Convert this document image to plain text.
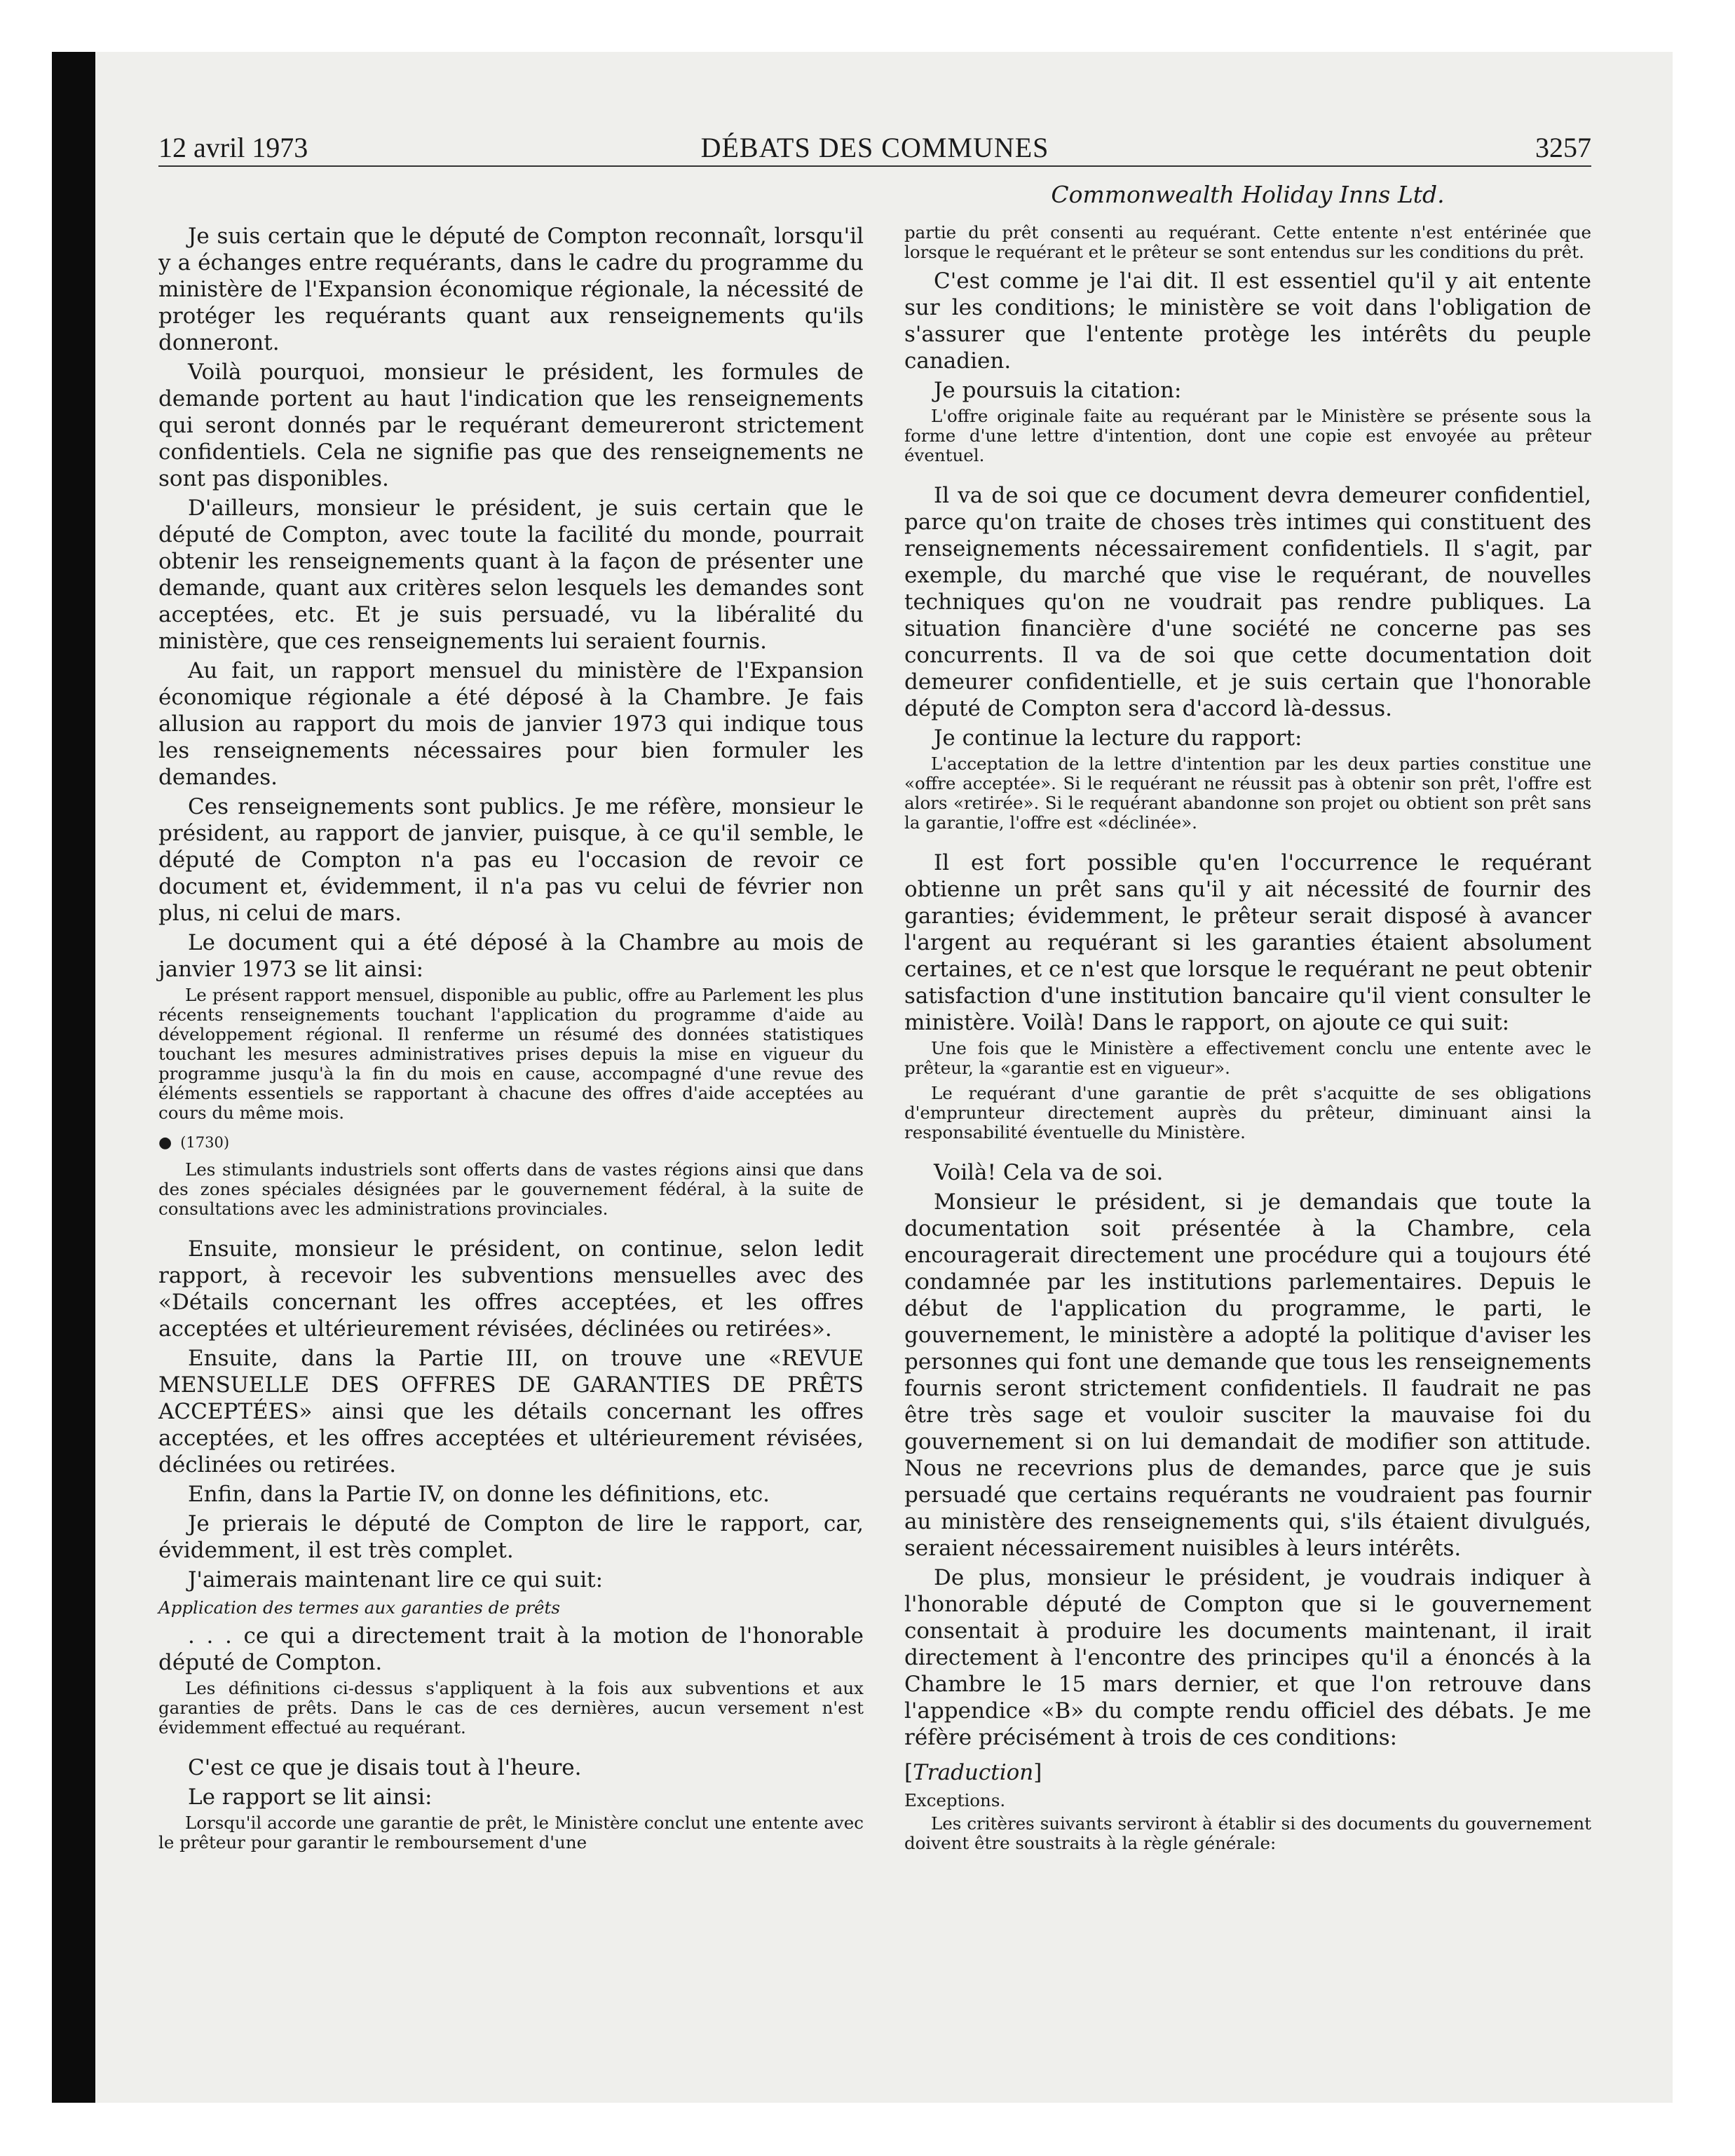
12 avril 1973	DÉBATS DES COMMUNES	3257
Commonwealth Holiday Inns Ltd.

Je suis certain que le député de Compton reconnaît, lorsqu'il y a échanges entre requérants, dans le cadre du programme du ministère de l'Expansion économique régionale, la nécessité de protéger les requérants quant aux renseignements qu'ils donneront.

Voilà pourquoi, monsieur le président, les formules de demande portent au haut l'indication que les renseignements qui seront donnés par le requérant demeureront strictement confidentiels. Cela ne signifie pas que des renseignements ne sont pas disponibles.

D'ailleurs, monsieur le président, je suis certain que le député de Compton, avec toute la facilité du monde, pourrait obtenir les renseignements quant à la façon de présenter une demande, quant aux critères selon lesquels les demandes sont acceptées, etc. Et je suis persuadé, vu la libéralité du ministère, que ces renseignements lui seraient fournis.

Au fait, un rapport mensuel du ministère de l'Expansion économique régionale a été déposé à la Chambre. Je fais allusion au rapport du mois de janvier 1973 qui indique tous les renseignements nécessaires pour bien formuler les demandes.

Ces renseignements sont publics. Je me réfère, monsieur le président, au rapport de janvier, puisque, à ce qu'il semble, le député de Compton n'a pas eu l'occasion de revoir ce document et, évidemment, il n'a pas vu celui de février non plus, ni celui de mars.

Le document qui a été déposé à la Chambre au mois de janvier 1973 se lit ainsi:

Le présent rapport mensuel, disponible au public, offre au Parlement les plus récents renseignements touchant l'application du programme d'aide au développement régional. Il renferme un résumé des données statistiques touchant les mesures administratives prises depuis la mise en vigueur du programme jusqu'à la fin du mois en cause, accompagné d'une revue des éléments essentiels se rapportant à chacune des offres d'aide acceptées au cours du même mois.

● (1730)

Les stimulants industriels sont offerts dans de vastes régions ainsi que dans des zones spéciales désignées par le gouvernement fédéral, à la suite de consultations avec les administrations provinciales.

Ensuite, monsieur le président, on continue, selon ledit rapport, à recevoir les subventions mensuelles avec des «Détails concernant les offres acceptées, et les offres acceptées et ultérieurement révisées, déclinées ou retirées».

Ensuite, dans la Partie III, on trouve une «REVUE MENSUELLE DES OFFRES DE GARANTIES DE PRÊTS ACCEPTÉES» ainsi que les détails concernant les offres acceptées, et les offres acceptées et ultérieurement révisées, déclinées ou retirées.

Enfin, dans la Partie IV, on donne les définitions, etc.

Je prierais le député de Compton de lire le rapport, car, évidemment, il est très complet.

J'aimerais maintenant lire ce qui suit:

Application des termes aux garanties de prêts

. . . ce qui a directement trait à la motion de l'honorable député de Compton.

Les définitions ci-dessus s'appliquent à la fois aux subventions et aux garanties de prêts. Dans le cas de ces dernières, aucun versement n'est évidemment effectué au requérant.

C'est ce que je disais tout à l'heure.

Le rapport se lit ainsi:

Lorsqu'il accorde une garantie de prêt, le Ministère conclut une entente avec le prêteur pour garantir le remboursement d'une

partie du prêt consenti au requérant. Cette entente n'est entérinée que lorsque le requérant et le prêteur se sont entendus sur les conditions du prêt.

C'est comme je l'ai dit. Il est essentiel qu'il y ait entente sur les conditions; le ministère se voit dans l'obligation de s'assurer que l'entente protège les intérêts du peuple canadien.

Je poursuis la citation:

L'offre originale faite au requérant par le Ministère se présente sous la forme d'une lettre d'intention, dont une copie est envoyée au prêteur éventuel.

Il va de soi que ce document devra demeurer confidentiel, parce qu'on traite de choses très intimes qui constituent des renseignements nécessairement confidentiels. Il s'agit, par exemple, du marché que vise le requérant, de nouvelles techniques qu'on ne voudrait pas rendre publiques. La situation financière d'une société ne concerne pas ses concurrents. Il va de soi que cette documentation doit demeurer confidentielle, et je suis certain que l'honorable député de Compton sera d'accord là-dessus.

Je continue la lecture du rapport:

L'acceptation de la lettre d'intention par les deux parties constitue une «offre acceptée». Si le requérant ne réussit pas à obtenir son prêt, l'offre est alors «retirée». Si le requérant abandonne son projet ou obtient son prêt sans la garantie, l'offre est «déclinée».

Il est fort possible qu'en l'occurrence le requérant obtienne un prêt sans qu'il y ait nécessité de fournir des garanties; évidemment, le prêteur serait disposé à avancer l'argent au requérant si les garanties étaient absolument certaines, et ce n'est que lorsque le requérant ne peut obtenir satisfaction d'une institution bancaire qu'il vient consulter le ministère. Voilà! Dans le rapport, on ajoute ce qui suit:

Une fois que le Ministère a effectivement conclu une entente avec le prêteur, la «garantie est en vigueur».

Le requérant d'une garantie de prêt s'acquitte de ses obligations d'emprunteur directement auprès du prêteur, diminuant ainsi la responsabilité éventuelle du Ministère.

Voilà! Cela va de soi.

Monsieur le président, si je demandais que toute la documentation soit présentée à la Chambre, cela encouragerait directement une procédure qui a toujours été condamnée par les institutions parlementaires. Depuis le début de l'application du programme, le parti, le gouvernement, le ministère a adopté la politique d'aviser les personnes qui font une demande que tous les renseignements fournis seront strictement confidentiels. Il faudrait ne pas être très sage et vouloir susciter la mauvaise foi du gouvernement si on lui demandait de modifier son attitude. Nous ne recevrions plus de demandes, parce que je suis persuadé que certains requérants ne voudraient pas fournir au ministère des renseignements qui, s'ils étaient divulgués, seraient nécessairement nuisibles à leurs intérêts.

De plus, monsieur le président, je voudrais indiquer à l'honorable député de Compton que si le gouvernement consentait à produire les documents maintenant, il irait directement à l'encontre des principes qu'il a énoncés à la Chambre le 15 mars dernier, et que l'on retrouve dans l'appendice «B» du compte rendu officiel des débats. Je me réfère précisément à trois de ces conditions:

[Traduction]

Exceptions.

Les critères suivants serviront à établir si des documents du gouvernement doivent être soustraits à la règle générale:
